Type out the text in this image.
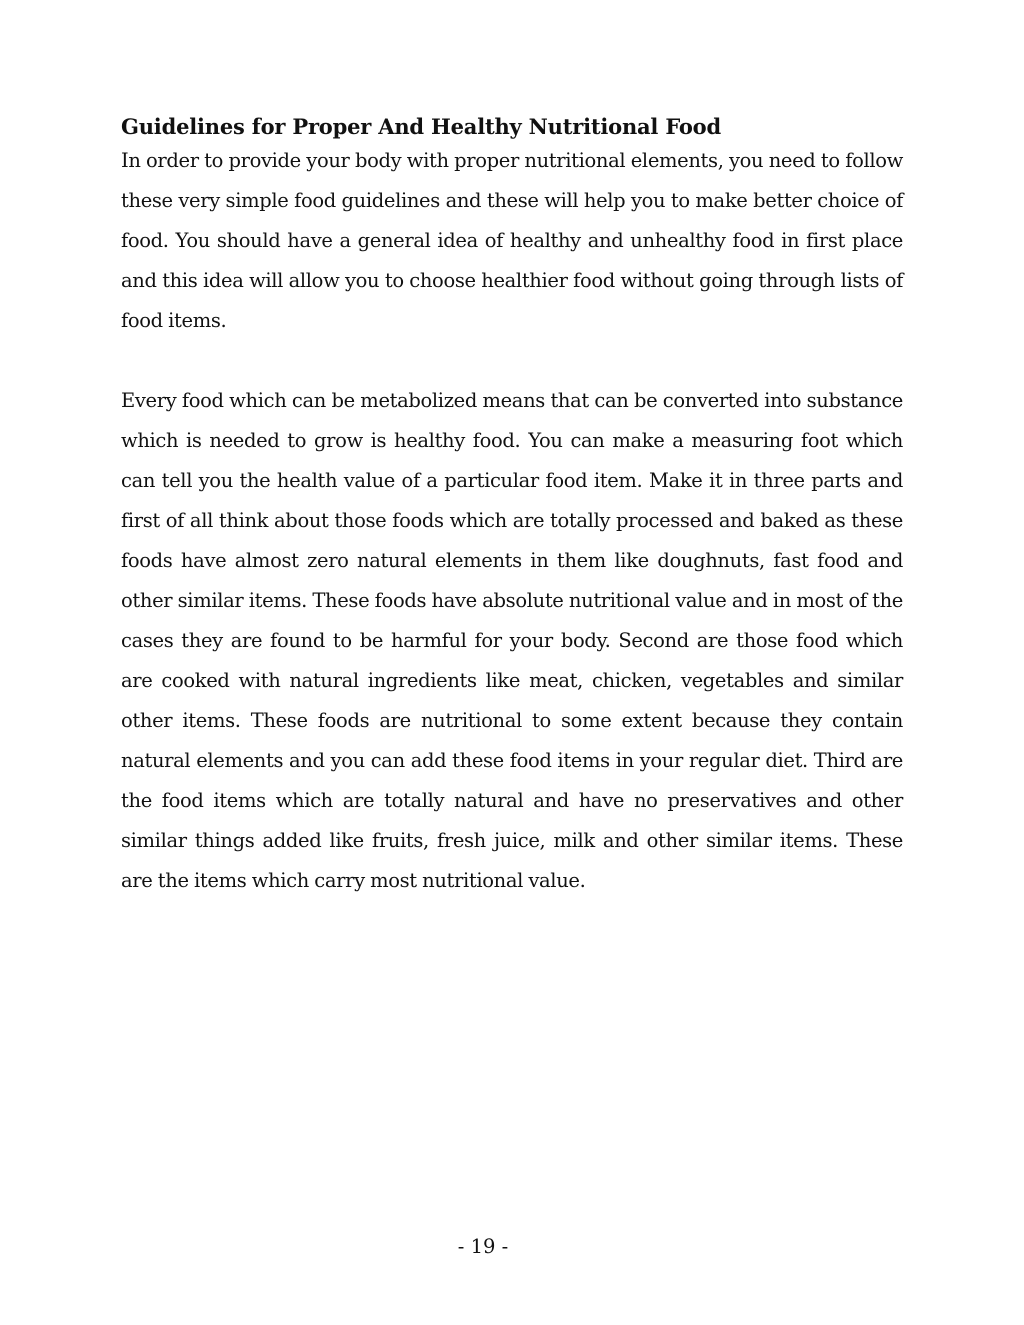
Guidelines for Proper And Healthy Nutritional Food

In order to provide your body with proper nutritional elements, you need to follow these very simple food guidelines and these will help you to make better choice of food. You should have a general idea of healthy and unhealthy food in first place and this idea will allow you to choose healthier food without going through lists of food items.

Every food which can be metabolized means that can be converted into substance which is needed to grow is healthy food. You can make a measuring foot which can tell you the health value of a particular food item. Make it in three parts and first of all think about those foods which are totally processed and baked as these foods have almost zero natural elements in them like doughnuts, fast food and other similar items. These foods have absolute nutritional value and in most of the cases they are found to be harmful for your body. Second are those food which are cooked with natural ingredients like meat, chicken, vegetables and similar other items. These foods are nutritional to some extent because they contain natural elements and you can add these food items in your regular diet. Third are the food items which are totally natural and have no preservatives and other similar things added like fruits, fresh juice, milk and other similar items. These are the items which carry most nutritional value.

- 19 -
